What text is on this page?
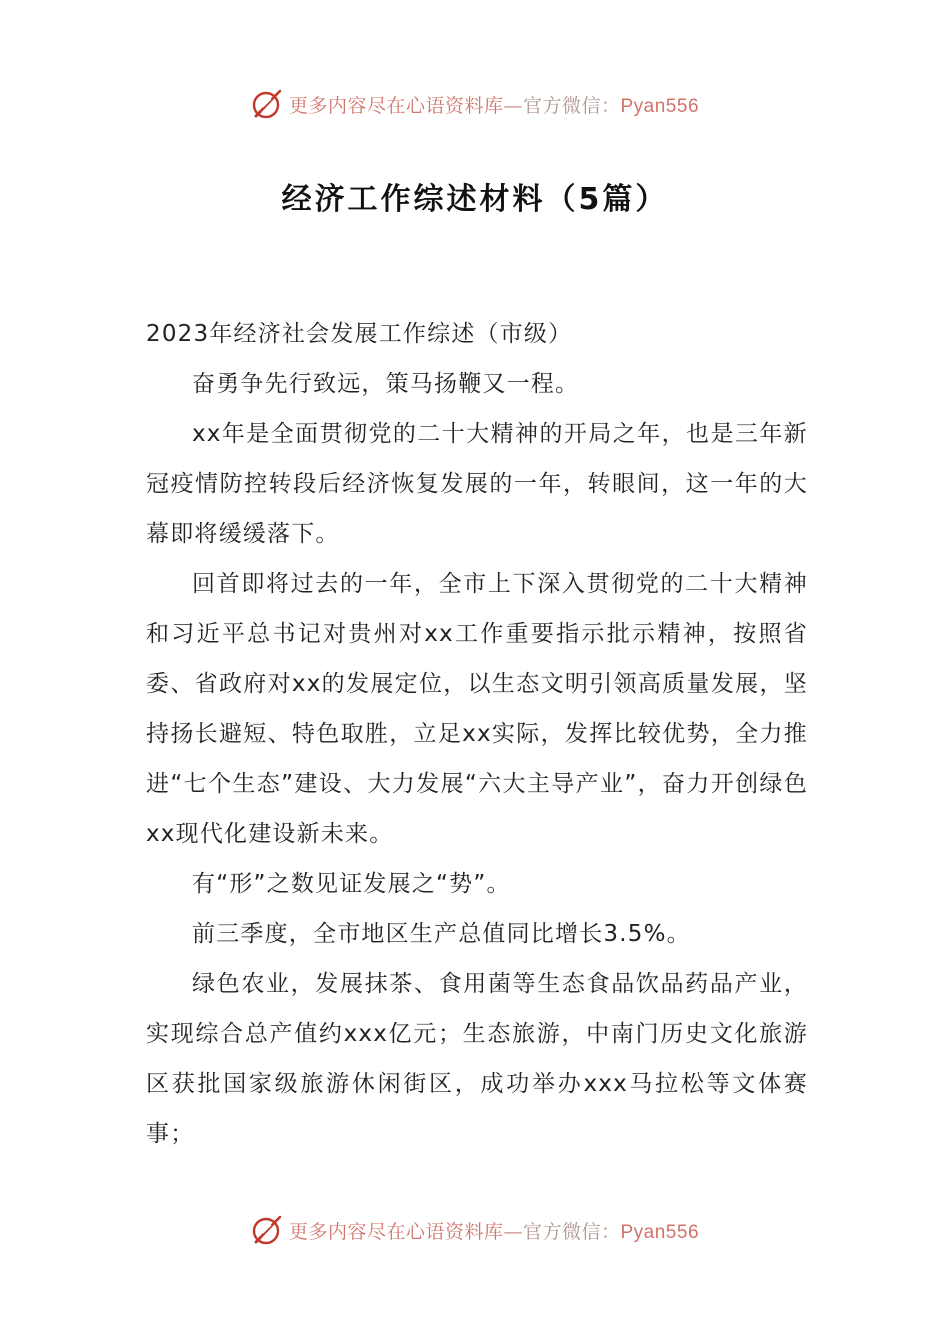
更多内容尽在心语资料库—官方微信：Pyan556
经济工作综述材料（5篇）

2023年经济社会发展工作综述（市级）

奋勇争先行致远，策马扬鞭又一程。

xx年是全面贯彻党的二十大精神的开局之年，也是三年新冠疫情防控转段后经济恢复发展的一年，转眼间，这一年的大幕即将缓缓落下。

回首即将过去的一年，全市上下深入贯彻党的二十大精神和习近平总书记对贵州对xx工作重要指示批示精神，按照省委、省政府对xx的发展定位，以生态文明引领高质量发展，坚持扬长避短、特色取胜，立足xx实际，发挥比较优势，全力推进“七个生态”建设、大力发展“六大主导产业”，奋力开创绿色xx现代化建设新未来。

有“形”之数见证发展之“势”。

前三季度，全市地区生产总值同比增长3.5%。

绿色农业，发展抹茶、食用菌等生态食品饮品药品产业，实现综合总产值约xxx亿元；生态旅游，中南门历史文化旅游区获批国家级旅游休闲街区，成功举办xxx马拉松等文体赛事；

更多内容尽在心语资料库—官方微信：Pyan556
